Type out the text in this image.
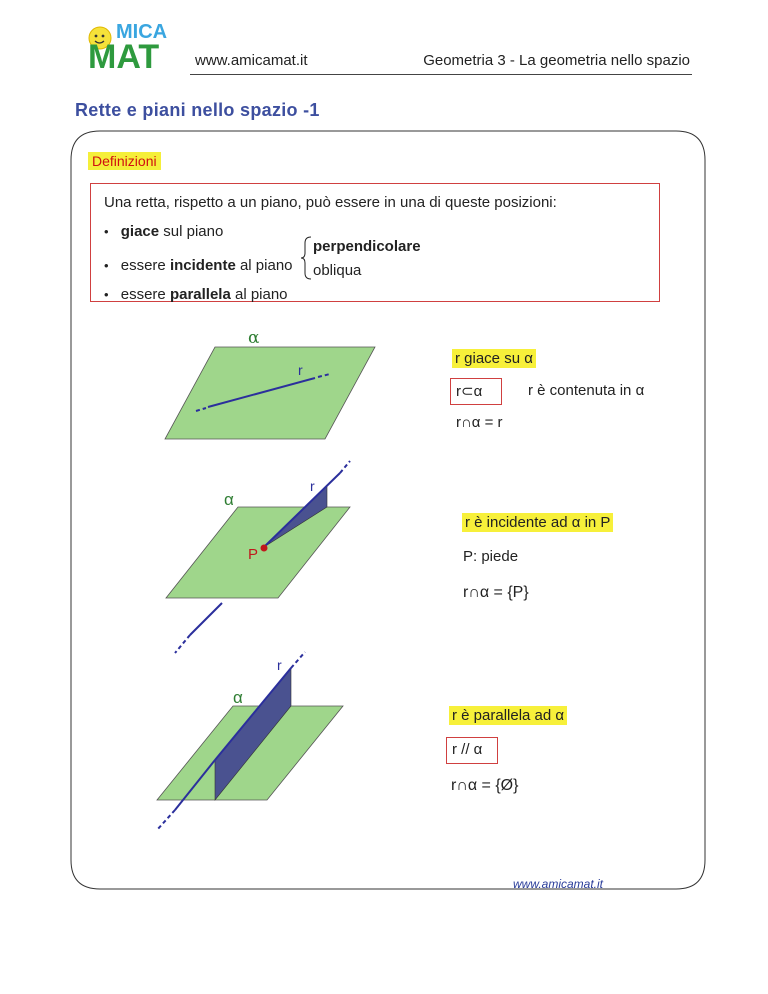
MICA
MAT www.amicamat.it	Geometria 3 - La geometria nello spazio
Rette e piani nello spazio -1
Definizioni
Una retta, rispetto a un piano, può essere in una di queste posizioni:
• giace sul piano
• essere incidente al piano
perpendicolare
obliqua
• essere parallela al piano
α
r
r giace su α
r⊂α	r è contenuta in α
r∩α = r
α
r
P
r è incidente ad α in P
P: piede
r∩α = {P}
α
r
r è parallela ad α
r // α
r∩α = {Ø}
www.amicamat.it
